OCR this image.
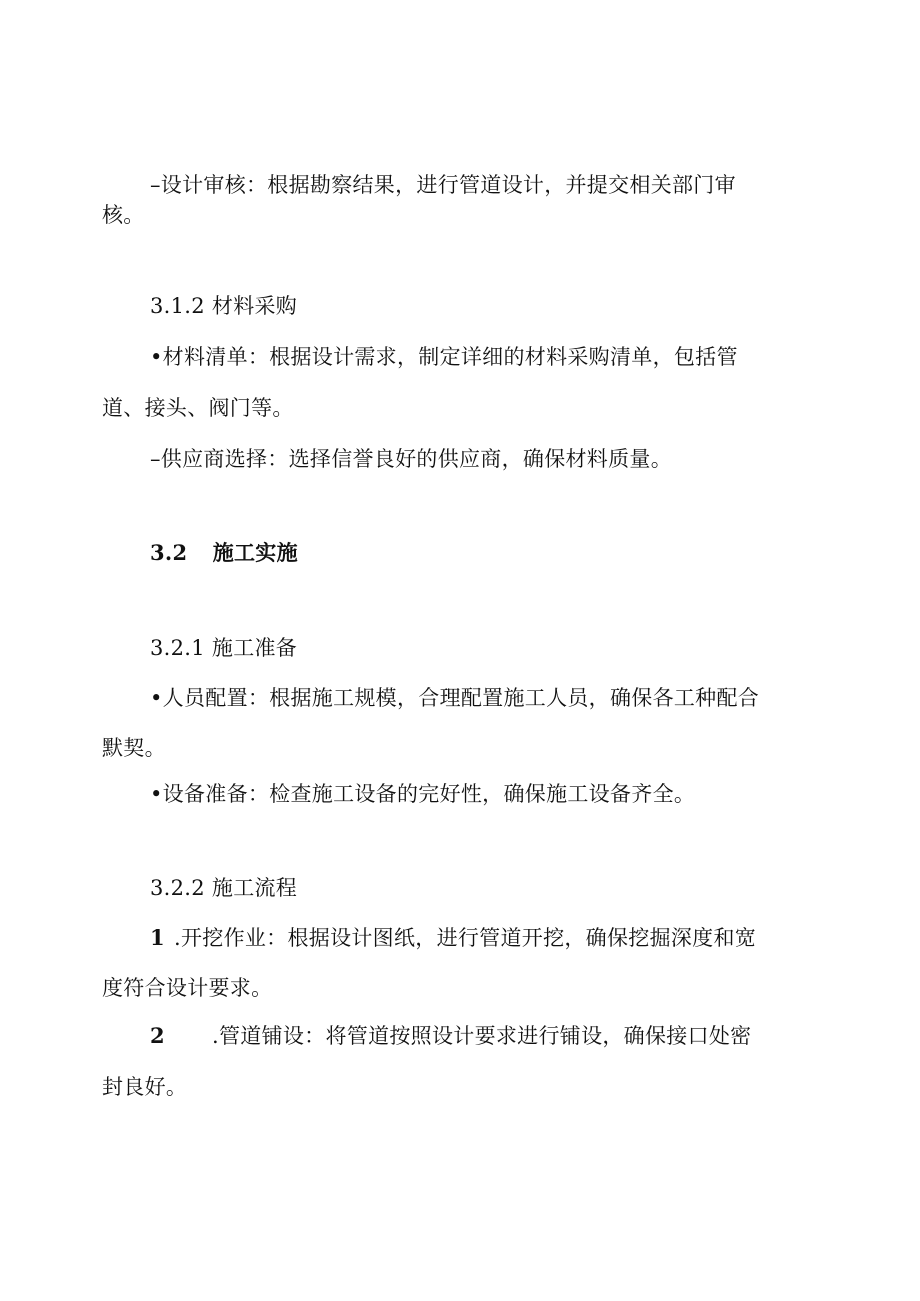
–设计审核：根据勘察结果，进行管道设计，并提交相关部门审
核。
3.1.2 材料采购
•材料清单：根据设计需求，制定详细的材料采购清单，包括管
道、接头、阀门等。
–供应商选择：选择信誉良好的供应商，确保材料质量。
3.2 施工实施
3.2.1 施工准备
•人员配置：根据施工规模，合理配置施工人员，确保各工种配合
默契。
•设备准备：检查施工设备的完好性，确保施工设备齐全。
3.2.2 施工流程
1 .开挖作业：根据设计图纸，进行管道开挖，确保挖掘深度和宽
度符合设计要求。
2 .管道铺设：将管道按照设计要求进行铺设，确保接口处密
封良好。
